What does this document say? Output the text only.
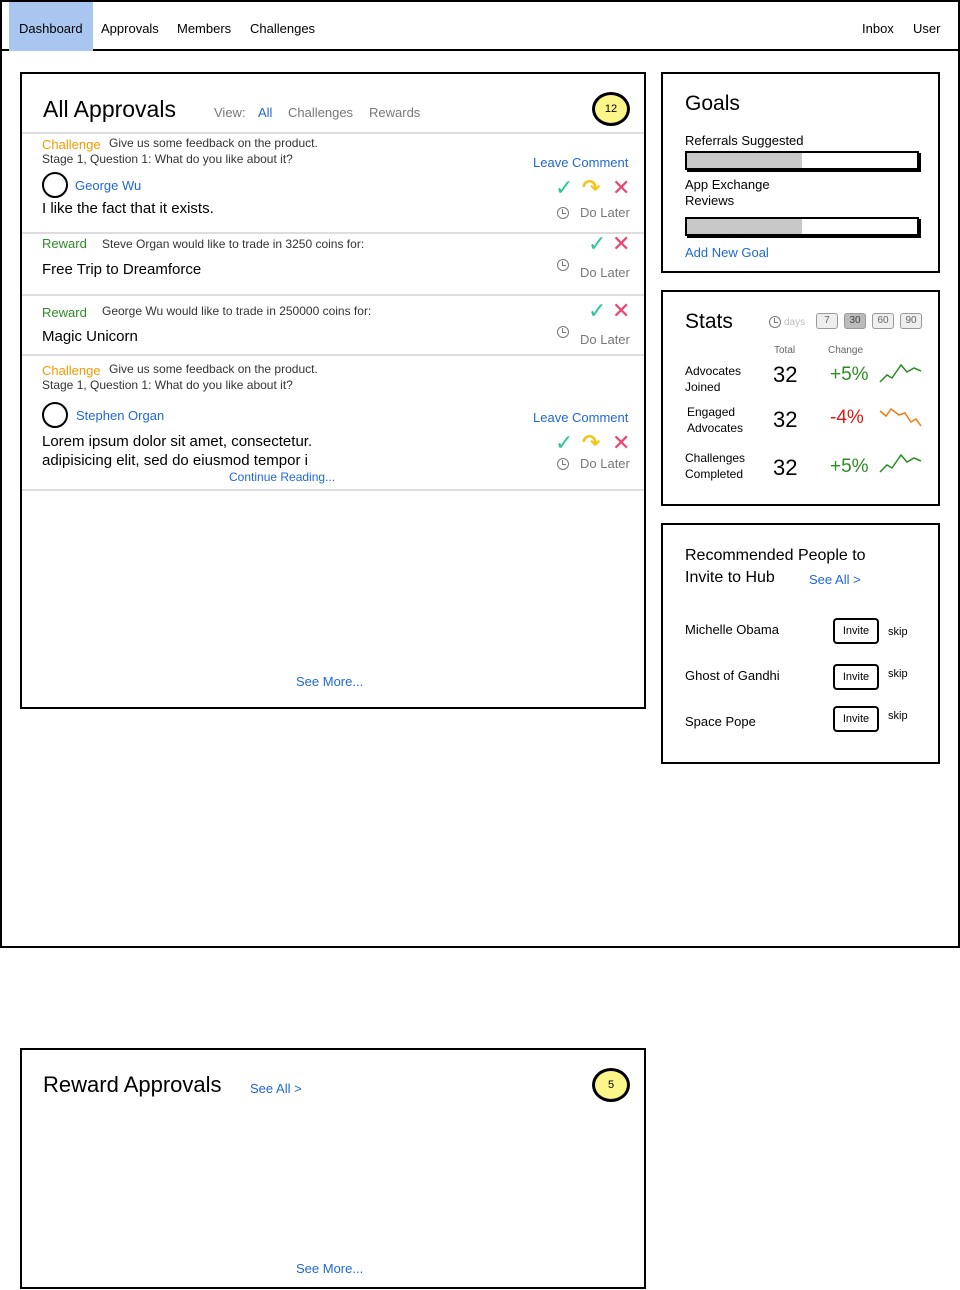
Dashboard	Approvals Members Challenges	Inbox User
All Approvals	View: All Challenges Rewards	12
Challenge Give us some feedback on the product.
Stage 1, Question 1: What do you like about it?	Leave Comment
George Wu
I like the fact that it exists.
✓ ↷ ✕
Do Later
Reward Steve Organ would like to trade in 3250 coins for:
Free Trip to Dreamforce
✓ ✕
Do Later
Reward George Wu would like to trade in 250000 coins for:
Magic Unicorn
✓ ✕
Do Later
Challenge Give us some feedback on the product.
Stage 1, Question 1: What do you like about it?
Stephen Organ	Leave Comment
Lorem ipsum dolor sit amet, consectetur.
adipisicing elit, sed do eiusmod tempor i
Continue Reading...
✓ ↷ ✕
Do Later
See More...
Goals
Referrals Suggested
App Exchange
Reviews
Add New Goal
Stats	days	7	30	60	90
Total	Change
Advocates
Joined 32 +5%
Engaged
Advocates 32 -4%
Challenges
Completed 32 +5%
Recommended People to
Invite to Hub	See All >
Michelle Obama	Invite	skip
Ghost of Gandhi	Invite	skip
Space Pope	Invite	skip
Reward Approvals See All >	5
See More...
